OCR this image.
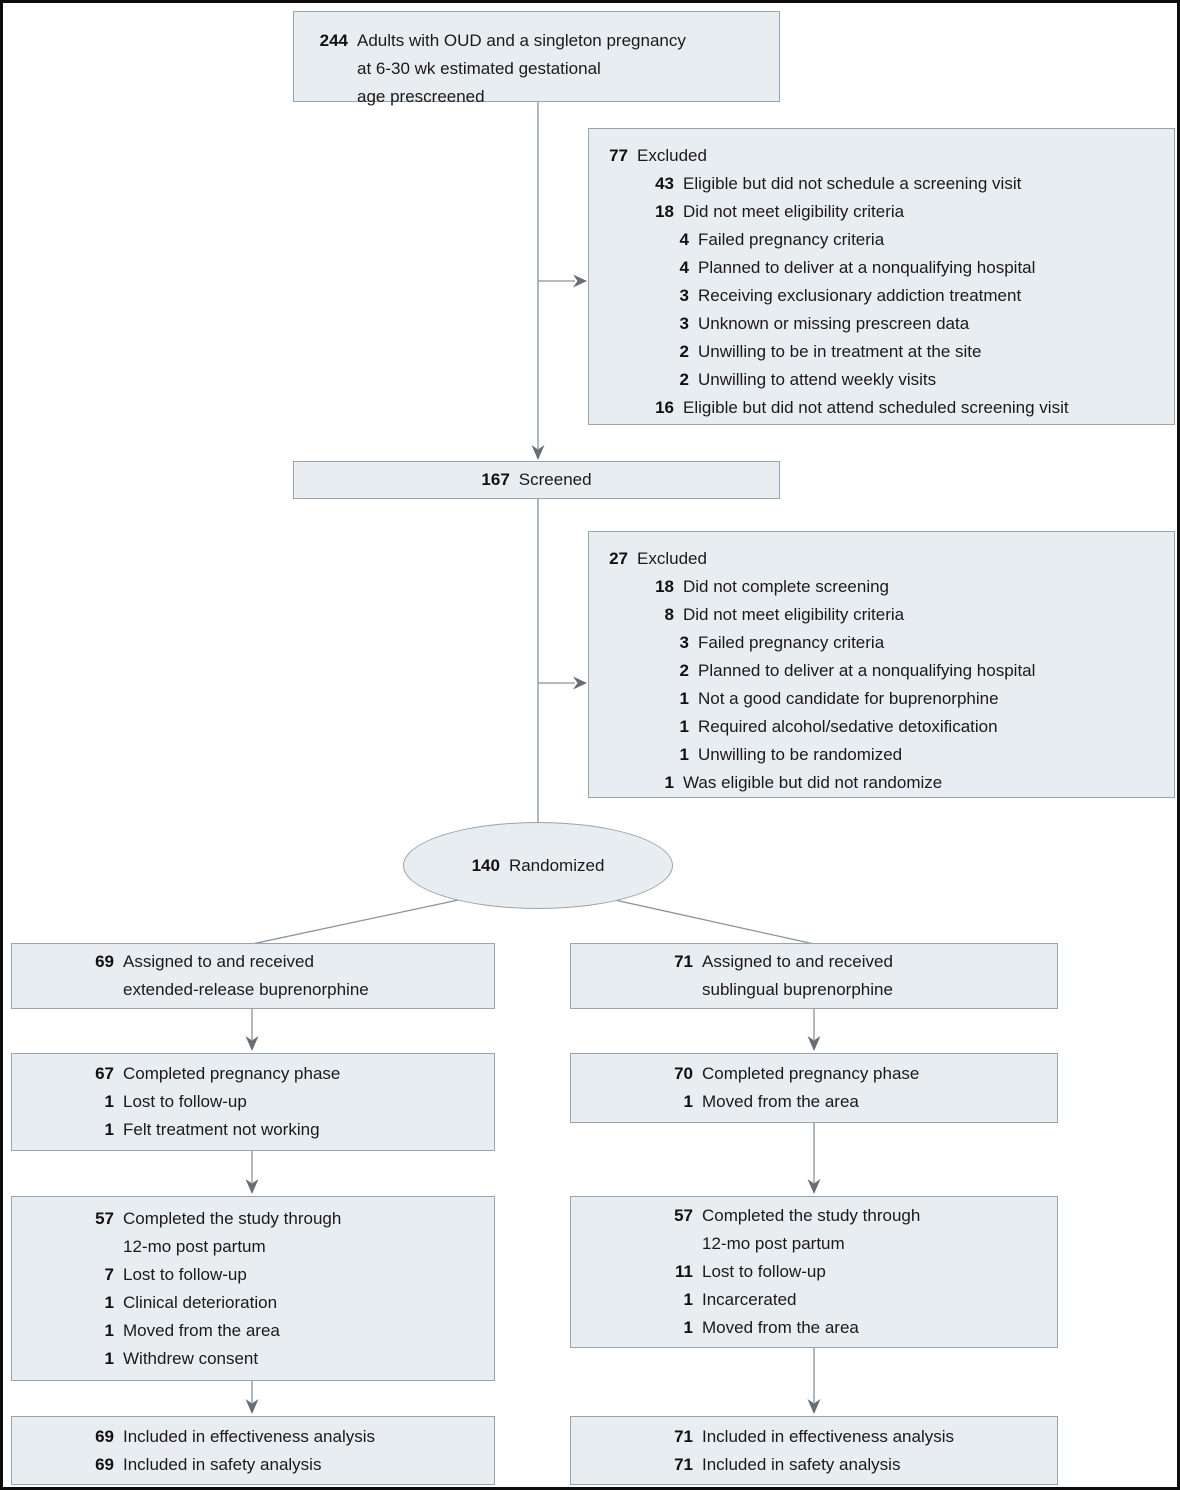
244 Adults with OUD and a singleton pregnancy
at 6-30 wk estimated gestational
age prescreened
77 Excluded
43 Eligible but did not schedule a screening visit
18 Did not meet eligibility criteria
4 Failed pregnancy criteria
4 Planned to deliver at a nonqualifying hospital
3 Receiving exclusionary addiction treatment
3 Unknown or missing prescreen data
2 Unwilling to be in treatment at the site
2 Unwilling to attend weekly visits
16 Eligible but did not attend scheduled screening visit
167 Screened
27 Excluded
18 Did not complete screening
8 Did not meet eligibility criteria
3 Failed pregnancy criteria
2 Planned to deliver at a nonqualifying hospital
1 Not a good candidate for buprenorphine
1 Required alcohol/sedative detoxification
1 Unwilling to be randomized
1 Was eligible but did not randomize
140 Randomized
69 Assigned to and received
extended-release buprenorphine
71 Assigned to and received
sublingual buprenorphine
67 Completed pregnancy phase
1 Lost to follow-up
1 Felt treatment not working
70 Completed pregnancy phase
1 Moved from the area
57 Completed the study through
12-mo post partum
7 Lost to follow-up
1 Clinical deterioration
1 Moved from the area
1 Withdrew consent
57 Completed the study through
12-mo post partum
11 Lost to follow-up
1 Incarcerated
1 Moved from the area
69 Included in effectiveness analysis
69 Included in safety analysis
71 Included in effectiveness analysis
71 Included in safety analysis
